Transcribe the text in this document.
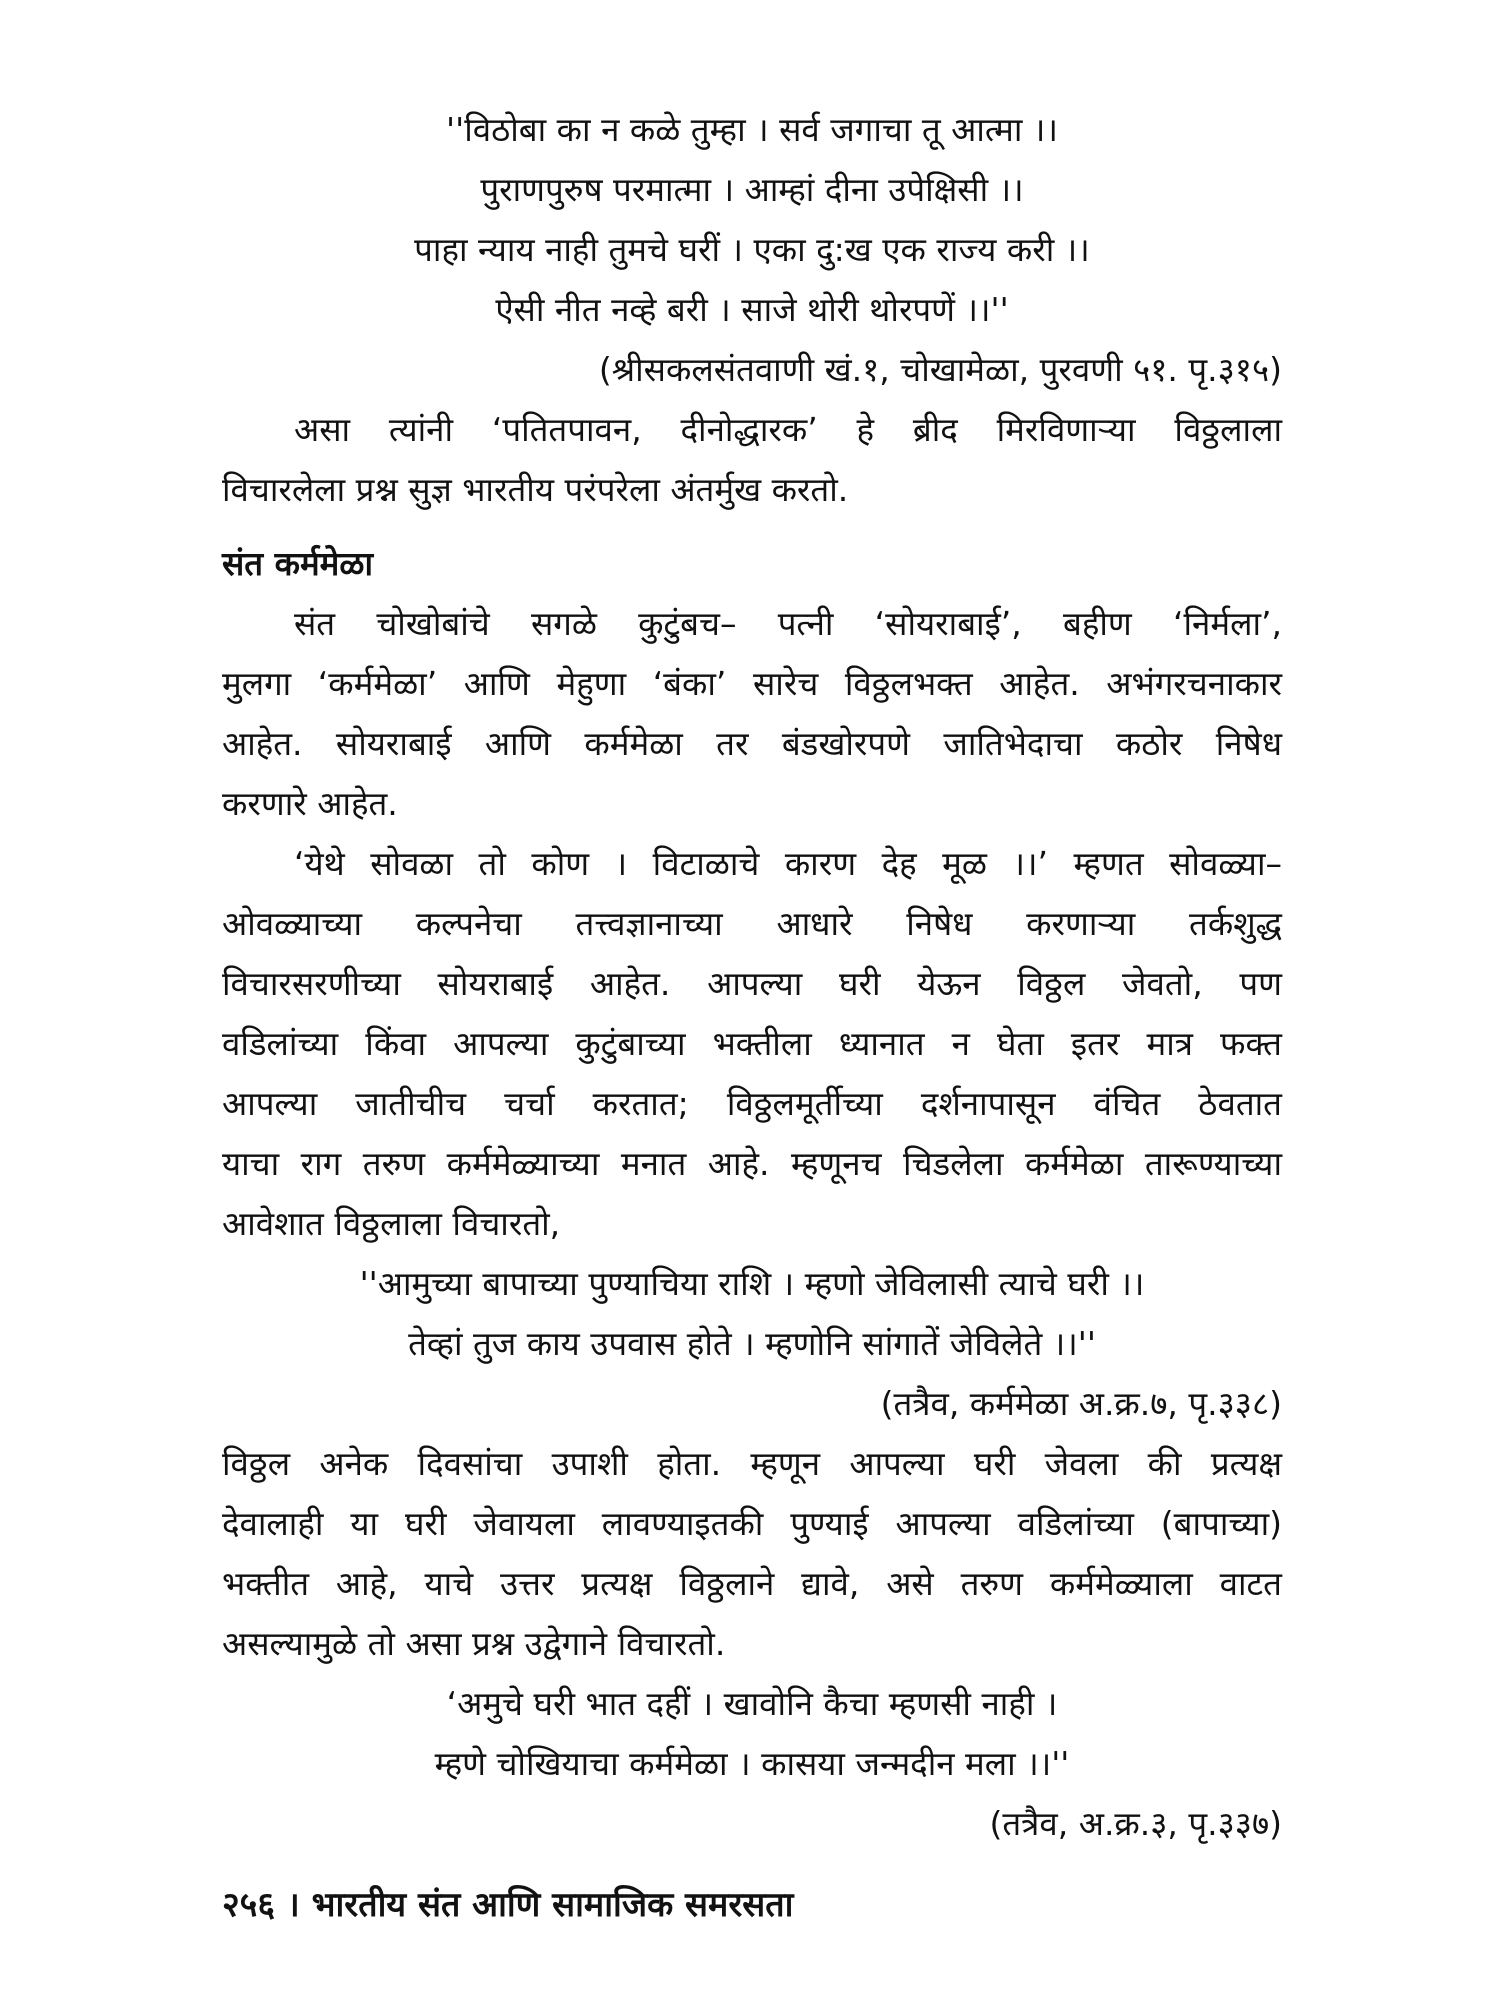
''विठोबा का न कळे तुम्हा । सर्व जगाचा तू आत्मा ।।
पुराणपुरुष परमात्मा । आम्हां दीना उपेक्षिसी ।।
पाहा न्याय नाही तुमचे घरीं । एका दु:ख एक राज्य करी ।।
ऐसी नीत नव्हे बरी । साजे थोरी थोरपणें ।।''
(श्रीसकलसंतवाणी खं.१, चोखामेळा, पुरवणी ५१. पृ.३१५)
असा त्यांनी ‘पतितपावन, दीनोद्धारक’ हे ब्रीद मिरविणाऱ्या विठ्ठलाला
विचारलेला प्रश्न सुज्ञ भारतीय परंपरेला अंतर्मुख करतो.
संत कर्ममेळा
संत चोखोबांचे सगळे कुटुंबच– पत्नी ‘सोयराबाई’, बहीण ‘निर्मला’,
मुलगा ‘कर्ममेळा’ आणि मेहुणा ‘बंका’ सारेच विठ्ठलभक्त आहेत. अभंगरचनाकार
आहेत. सोयराबाई आणि कर्ममेळा तर बंडखोरपणे जातिभेदाचा कठोर निषेध
करणारे आहेत.
‘येथे सोवळा तो कोण । विटाळाचे कारण देह मूळ ।।’ म्हणत सोवळ्या–
ओवळ्याच्या कल्पनेचा तत्त्वज्ञानाच्या आधारे निषेध करणाऱ्या तर्कशुद्ध
विचारसरणीच्या सोयराबाई आहेत. आपल्या घरी येऊन विठ्ठल जेवतो, पण
वडिलांच्या किंवा आपल्या कुटुंबाच्या भक्तीला ध्यानात न घेता इतर मात्र फक्त
आपल्या जातीचीच चर्चा करतात; विठ्ठलमूर्तीच्या दर्शनापासून वंचित ठेवतात
याचा राग तरुण कर्ममेळ्याच्या मनात आहे. म्हणूनच चिडलेला कर्ममेळा तारूण्याच्या
आवेशात विठ्ठलाला विचारतो,
''आमुच्या बापाच्या पुण्याचिया राशि । म्हणो जेविलासी त्याचे घरी ।।
तेव्हां तुज काय उपवास होते । म्हणोनि सांगातें जेविलेते ।।''
(तत्रैव, कर्ममेळा अ.क्र.७, पृ.३३८)
विठ्ठल अनेक दिवसांचा उपाशी होता. म्हणून आपल्या घरी जेवला की प्रत्यक्ष
देवालाही या घरी जेवायला लावण्याइतकी पुण्याई आपल्या वडिलांच्या (बापाच्या)
भक्तीत आहे, याचे उत्तर प्रत्यक्ष विठ्ठलाने द्यावे, असे तरुण कर्ममेळ्याला वाटत
असल्यामुळे तो असा प्रश्न उद्वेगाने विचारतो.
‘अमुचे घरी भात दहीं । खावोनि कैचा म्हणसी नाही ।
म्हणे चोखियाचा कर्ममेळा । कासया जन्मदीन मला ।।''
(तत्रैव, अ.क्र.३, पृ.३३७)
२५६ । भारतीय संत आणि सामाजिक समरसता
